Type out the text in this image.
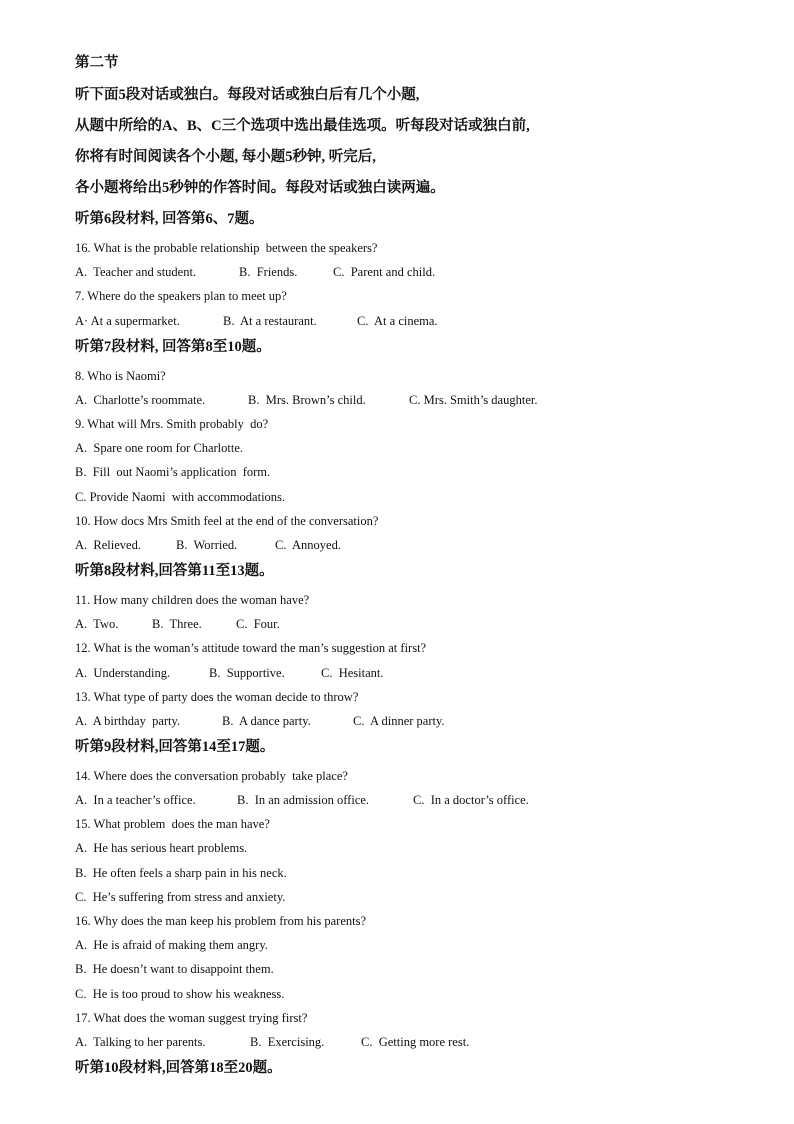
第二节
听下面5段对话或独白。每段对话或独白后有几个小题,
从题中所给的A、B、C三个选项中选出最佳选项。听每段对话或独白前,
你将有时间阅读各个小题, 每小题5秒钟, 听完后,
各小题将给出5秒钟的作答时间。每段对话或独白读两遍。
听第6段材料, 回答第6、7题。
16. What is the probable relationship  between the speakers?
A.  Teacher and student.	B.  Friends.	C.  Parent and child.
7. Where do the speakers plan to meet up?
A· At a supermarket.	B.  At a restaurant.	C.  At a cinema.
听第7段材料, 回答第8至10题。
8. Who is Naomi?
A.  Charlotte’s roommate.	B.  Mrs. Brown’s child.	C. Mrs. Smith’s daughter.
9. What will Mrs. Smith probably  do?
A.  Spare one room for Charlotte.
B.  Fill  out Naomi’s application  form.
C. Provide Naomi  with accommodations.
10. How docs Mrs Smith feel at the end of the conversation?
A.  Relieved.	B.  Worried.	C.  Annoyed.
听第8段材料,回答第11至13题。
11. How many children does the woman have?
A.  Two.	B.  Three.	C.  Four.
12. What is the woman’s attitude toward the man’s suggestion at first?
A.  Understanding.	B.  Supportive.	C.  Hesitant.
13. What type of party does the woman decide to throw?
A.  A birthday  party.	B.  A dance party.	C.  A dinner party.
听第9段材料,回答第14至17题。
14. Where does the conversation probably  take place?
A.  In a teacher’s office.	B.  In an admission office.	C.  In a doctor’s office.
15. What problem  does the man have?
A.  He has serious heart problems.
B.  He often feels a sharp pain in his neck.
C.  He’s suffering from stress and anxiety.
16. Why does the man keep his problem from his parents?
A.  He is afraid of making them angry.
B.  He doesn’t want to disappoint them.
C.  He is too proud to show his weakness.
17. What does the woman suggest trying first?
A.  Talking to her parents.	B.  Exercising.	C.  Getting more rest.
听第10段材料,回答第18至20题。
